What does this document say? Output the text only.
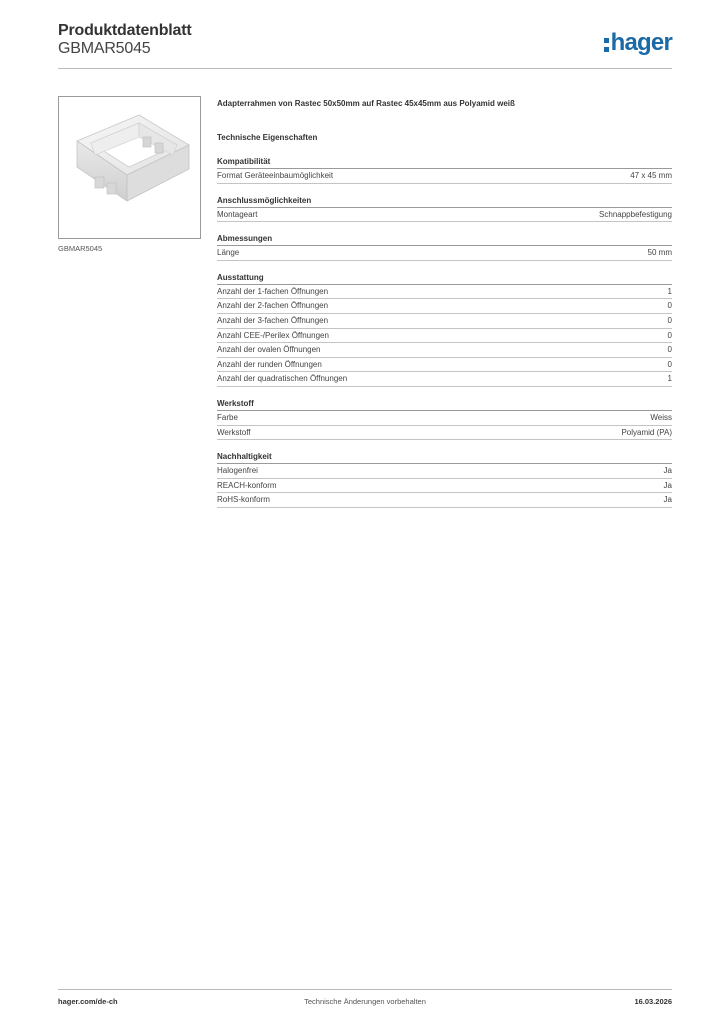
Produktdatenblatt
GBMAR5045	hager
GBMAR5045
Adapterrahmen von Rastec 50x50mm auf Rastec 45x45mm aus Polyamid weiß
Technische Eigenschaften
Kompatibilität
Format Geräteeinbaumöglichkeit	47 x 45 mm
Anschlussmöglichkeiten
Montageart	Schnappbefestigung
Abmessungen
Länge	50 mm
Ausstattung
Anzahl der 1-fachen Öffnungen	1
Anzahl der 2-fachen Öffnungen	0
Anzahl der 3-fachen Öffnungen	0
Anzahl CEE-/Perilex Öffnungen	0
Anzahl der ovalen Öffnungen	0
Anzahl der runden Öffnungen	0
Anzahl der quadratischen Öffnungen	1
Werkstoff
Farbe	Weiss
Werkstoff	Polyamid (PA)
Nachhaltigkeit
Halogenfrei	Ja
REACH-konform	Ja
RoHS-konform	Ja
hager.com/de-ch	Technische Änderungen vorbehalten	16.03.2026
